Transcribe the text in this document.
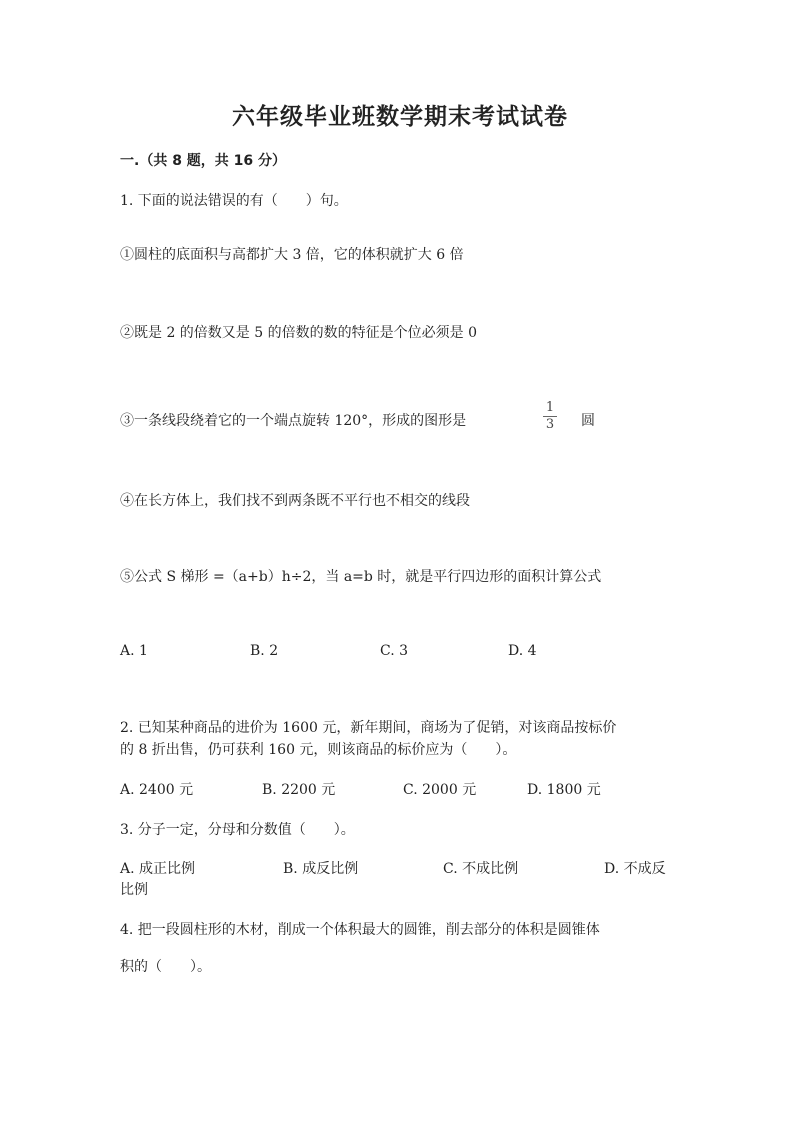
六年级毕业班数学期末考试试卷
一.（共 8 题，共 16 分）
1. 下面的说法错误的有（　　）句。
①圆柱的底面积与高都扩大 3 倍，它的体积就扩大 6 倍
②既是 2 的倍数又是 5 的倍数的数的特征是个位必须是 0
③一条线段绕着它的一个端点旋转 120°，形成的图形是
1
3	圆
④在长方体上，我们找不到两条既不平行也不相交的线段
⑤公式 S 梯形 =（a+b）h÷2，当 a=b 时，就是平行四边形的面积计算公式
A. 1	B. 2	C. 3	D. 4
2. 已知某种商品的进价为 1600 元，新年期间，商场为了促销，对该商品按标价
的 8 折出售，仍可获利 160 元，则该商品的标价应为（　　）。
A. 2400 元	B. 2200 元	C. 2000 元	D. 1800 元
3. 分子一定，分母和分数值（　　）。
A. 成正比例	B. 成反比例	C. 不成比例	D. 不成反
比例
4. 把一段圆柱形的木材，削成一个体积最大的圆锥，削去部分的体积是圆锥体
积的（　　）。
